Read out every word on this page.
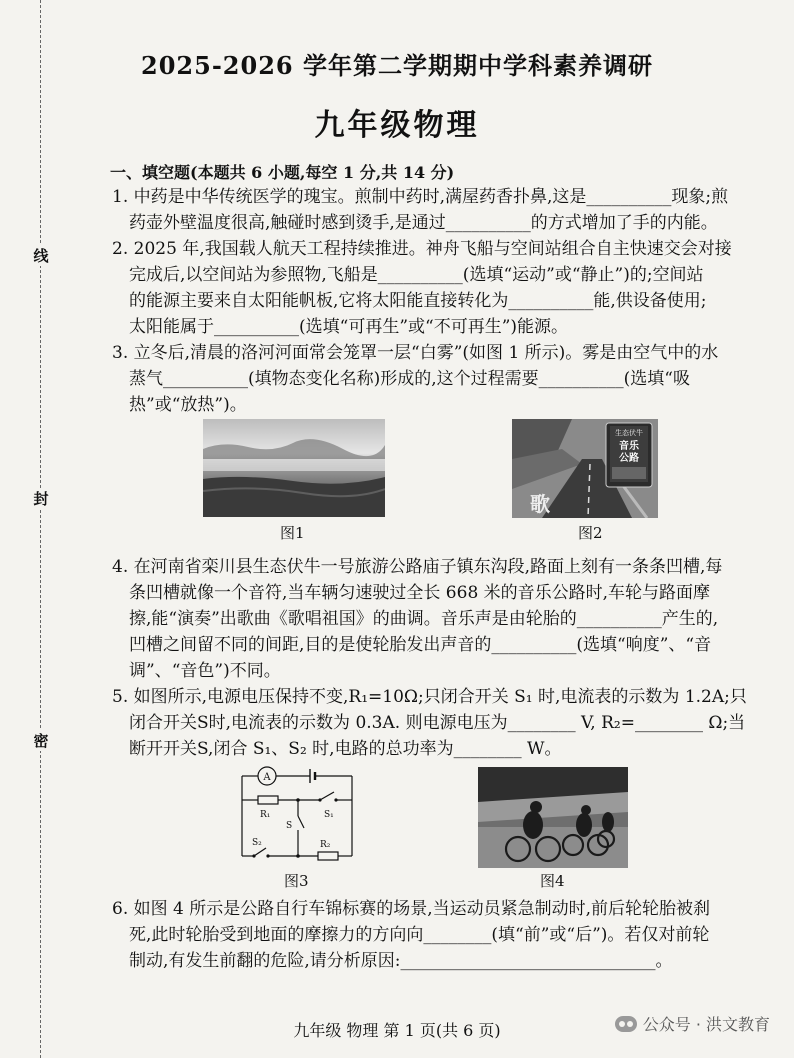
线
封
密
2025-2026 学年第二学期期中学科素养调研
九年级物理
一、填空题(本题共 6 小题,每空 1 分,共 14 分)
1. 中药是中华传统医学的瑰宝。煎制中药时,满屋药香扑鼻,这是__________现象;煎
药壶外壁温度很高,触碰时感到烫手,是通过__________的方式增加了手的内能。
2. 2025 年,我国载人航天工程持续推进。神舟飞船与空间站组合自主快速交会对接
完成后,以空间站为参照物,飞船是__________(选填“运动”或“静止”)的;空间站
的能源主要来自太阳能帆板,它将太阳能直接转化为__________能,供设备使用;
太阳能属于__________(选填“可再生”或“不可再生”)能源。
3. 立冬后,清晨的洛河河面常会笼罩一层“白雾”(如图 1 所示)。雾是由空气中的水
蒸气__________(填物态变化名称)形成的,这个过程需要__________(选填“吸
热”或“放热”)。
图1
生态伏牛
音乐
公路
歌
图2
4. 在河南省栾川县生态伏牛一号旅游公路庙子镇东沟段,路面上刻有一条条凹槽,每
条凹槽就像一个音符,当车辆匀速驶过全长 668 米的音乐公路时,车轮与路面摩
擦,能“演奏”出歌曲《歌唱祖国》的曲调。音乐声是由轮胎的__________产生的,
凹槽之间留不同的间距,目的是使轮胎发出声音的__________(选填“响度”、“音
调”、“音色”)不同。
5. 如图所示,电源电压保持不变,R₁=10Ω;只闭合开关 S₁ 时,电流表的示数为 1.2A;只
闭合开关S时,电流表的示数为 0.3A. 则电源电压为________ V, R₂=________ Ω;当
断开开关S,闭合 S₁、S₂ 时,电路的总功率为________ W。
A
R₁	S₁
S
S₂	R₂
图3	图4
6. 如图 4 所示是公路自行车锦标赛的场景,当运动员紧急制动时,前后轮轮胎被刹
死,此时轮胎受到地面的摩擦力的方向向________(填“前”或“后”)。若仅对前轮
制动,有发生前翻的危险,请分析原因:______________________________。
九年级 物理 第 1 页(共 6 页)	公众号 · 洪文教育
